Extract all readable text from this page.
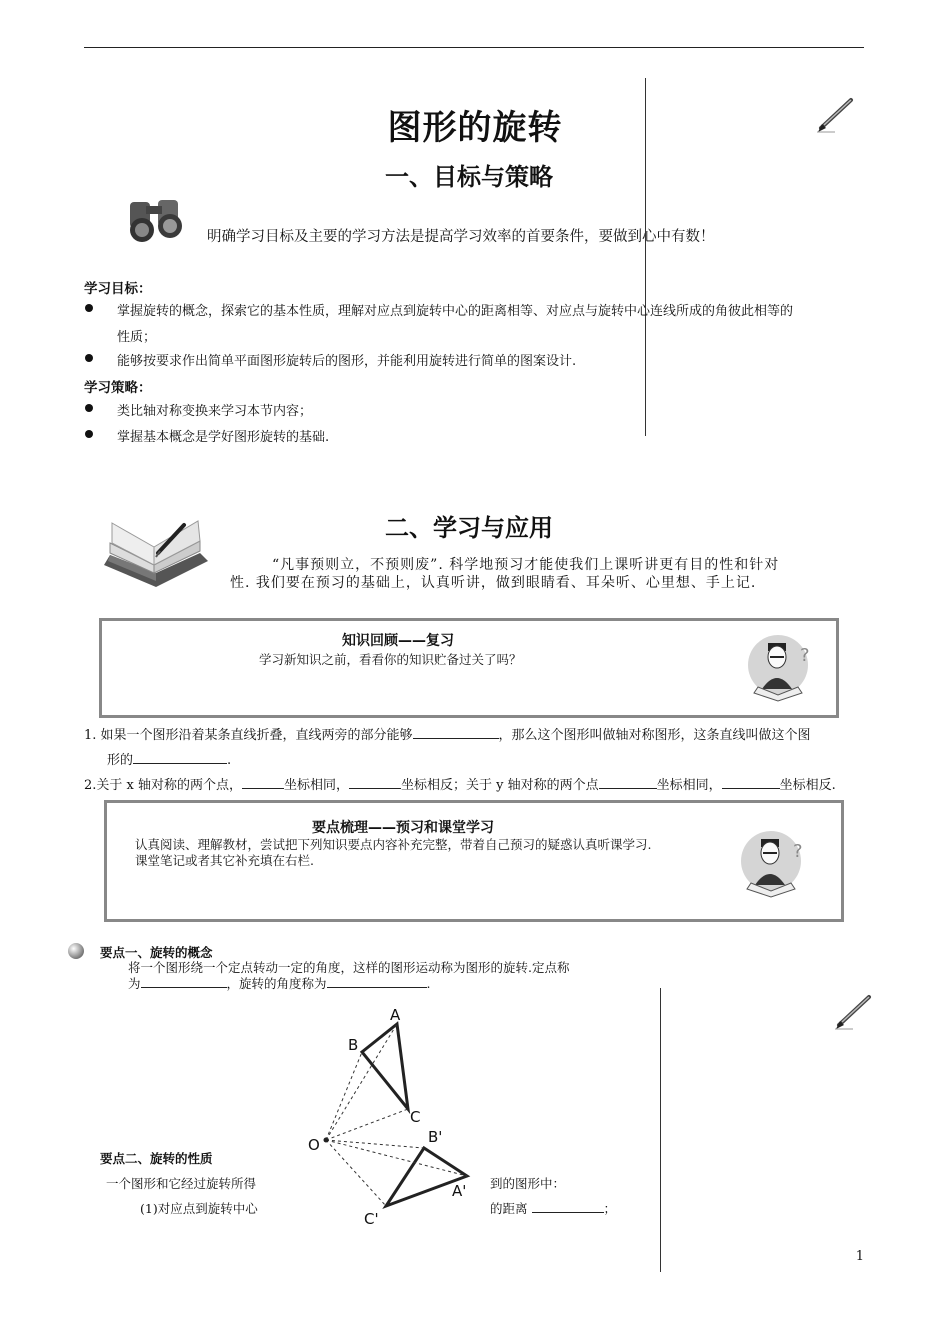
图形的旋转
一、目标与策略
明确学习目标及主要的学习方法是提高学习效率的首要条件，要做到心中有数！
学习目标：
掌握旋转的概念，探索它的基本性质，理解对应点到旋转中心的距离相等、对应点与旋转中心连线所成的角彼此相等的
性质；
能够按要求作出简单平面图形旋转后的图形，并能利用旋转进行简单的图案设计.
学习策略：
类比轴对称变换来学习本节内容；
掌握基本概念是学好图形旋转的基础.
二、学习与应用
“凡事预则立，不预则废”. 科学地预习才能使我们上课听讲更有目的性和针对
性. 我们要在预习的基础上，认真听讲，做到眼睛看、耳朵听、心里想、手上记.
知识回顾——复习
学习新知识之前，看看你的知识贮备过关了吗？	?
1. 如果一个图形沿着某条直线折叠，直线两旁的部分能够	，那么这个图形叫做轴对称图形，这条直线叫做这个图
形的	.
2.关于 x 轴对称的两个点，	坐标相同，	坐标相反；关于 y 轴对称的两个点	坐标相同，	坐标相反.
要点梳理——预习和课堂学习
认真阅读、理解教材，尝试把下列知识要点内容补充完整，带着自己预习的疑惑认真听课学习.
课堂笔记或者其它补充填在右栏.	?
要点一、旋转的概念
将一个图形绕一个定点转动一定的角度，这样的图形运动称为图形的旋转.定点称
为	，旋转的角度称为	.
A
B
C
O	B'
A'
C'
要点二、旋转的性质
一个图形和它经过旋转所得	到的图形中：
(1)对应点到旋转中心	的距离	；
1
